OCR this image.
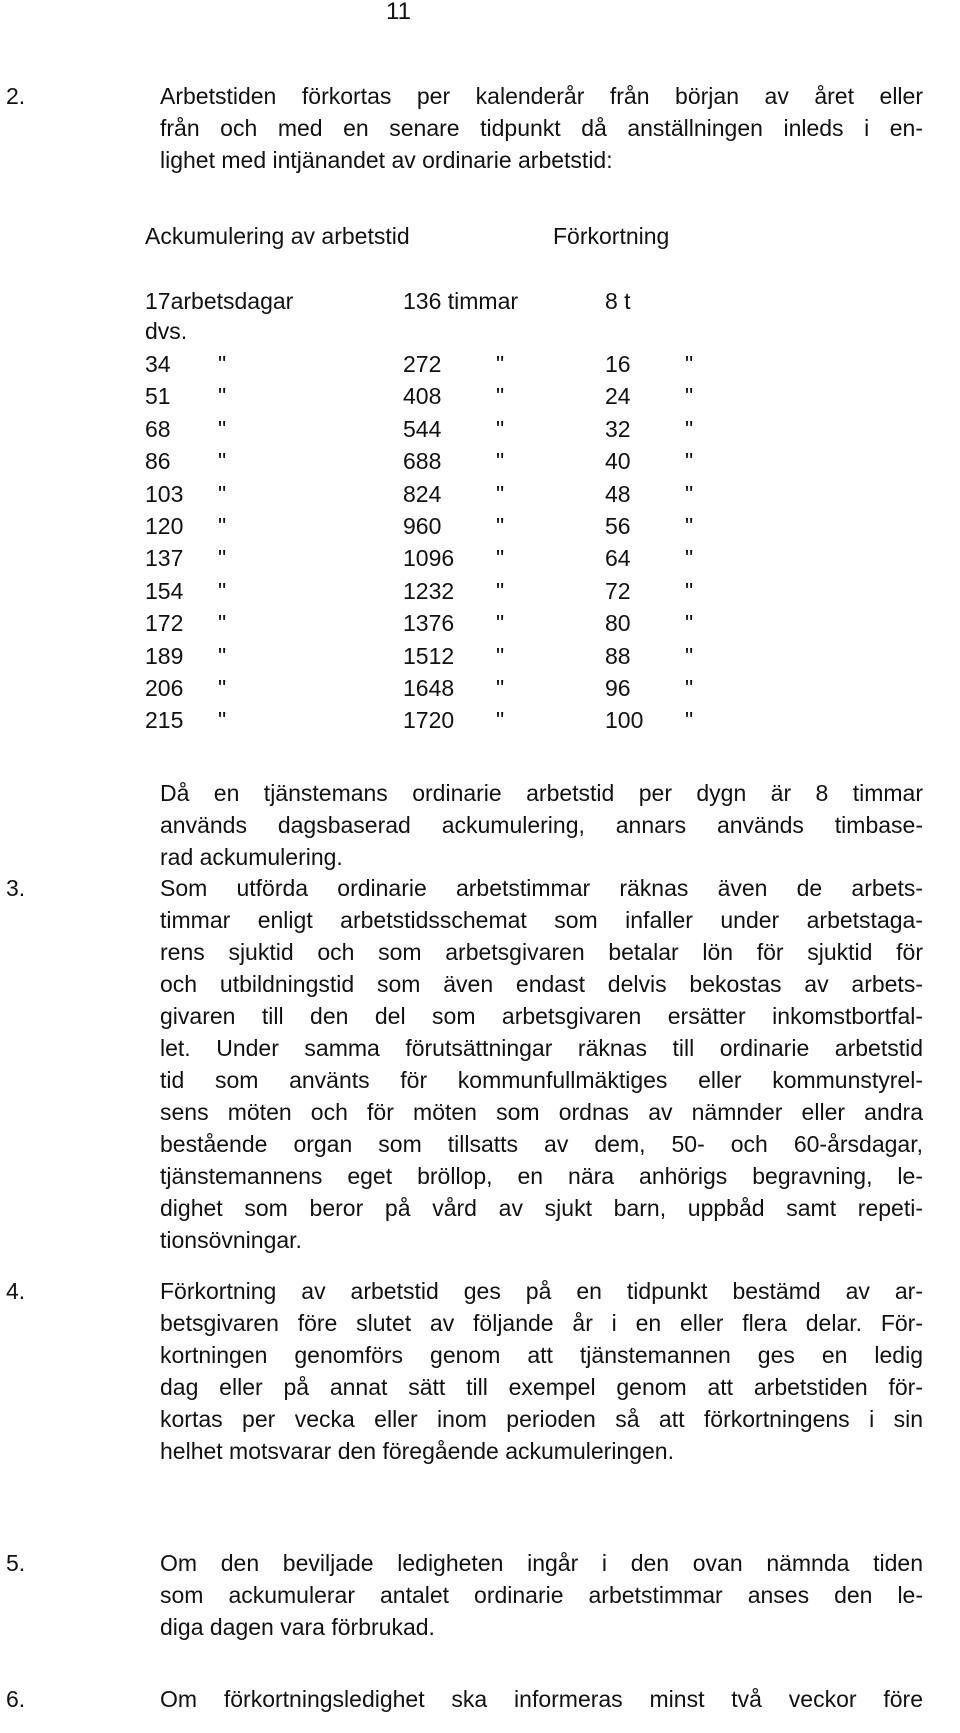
11
2.	Arbetstiden förkortas per kalenderår från början av året eller
från och med en senare tidpunkt då anställningen inleds i en-
lighet med intjänandet av ordinarie arbetstid:
Ackumulering av arbetstid	Förkortning
17arbetsdagar	136 timmar	8 t
dvs.
34 "	272 "	16 "
51 "	408 "	24 "
68 "	544 "	32 "
86 "	688 "	40 "
103 "	824 "	48 "
120 "	960 "	56 "
137 "	1096 "	64 "
154 "	1232 "	72 "
172 "	1376 "	80 "
189 "	1512 "	88 "
206 "	1648 "	96 "
215 "	1720 "	100 "
Då en tjänstemans ordinarie arbetstid per dygn är 8 timmar
används dagsbaserad ackumulering, annars används timbase-
rad ackumulering.
3.	Som utförda ordinarie arbetstimmar räknas även de arbets-
timmar enligt arbetstidsschemat som infaller under arbetstaga-
rens sjuktid och som arbetsgivaren betalar lön för sjuktid för
och utbildningstid som även endast delvis bekostas av arbets-
givaren till den del som arbetsgivaren ersätter inkomstbortfal-
let. Under samma förutsättningar räknas till ordinarie arbetstid
tid som använts för kommunfullmäktiges eller kommunstyrel-
sens möten och för möten som ordnas av nämnder eller andra
bestående organ som tillsatts av dem, 50- och 60-årsdagar,
tjänstemannens eget bröllop, en nära anhörigs begravning, le-
dighet som beror på vård av sjukt barn, uppbåd samt repeti-
tionsövningar.
4.	Förkortning av arbetstid ges på en tidpunkt bestämd av ar-
betsgivaren före slutet av följande år i en eller flera delar. För-
kortningen genomförs genom att tjänstemannen ges en ledig
dag eller på annat sätt till exempel genom att arbetstiden för-
kortas per vecka eller inom perioden så att förkortningens i sin
helhet motsvarar den föregående ackumuleringen.
5.	Om den beviljade ledigheten ingår i den ovan nämnda tiden
som ackumulerar antalet ordinarie arbetstimmar anses den le-
diga dagen vara förbrukad.
6.	Om förkortningsledighet ska informeras minst två veckor före
